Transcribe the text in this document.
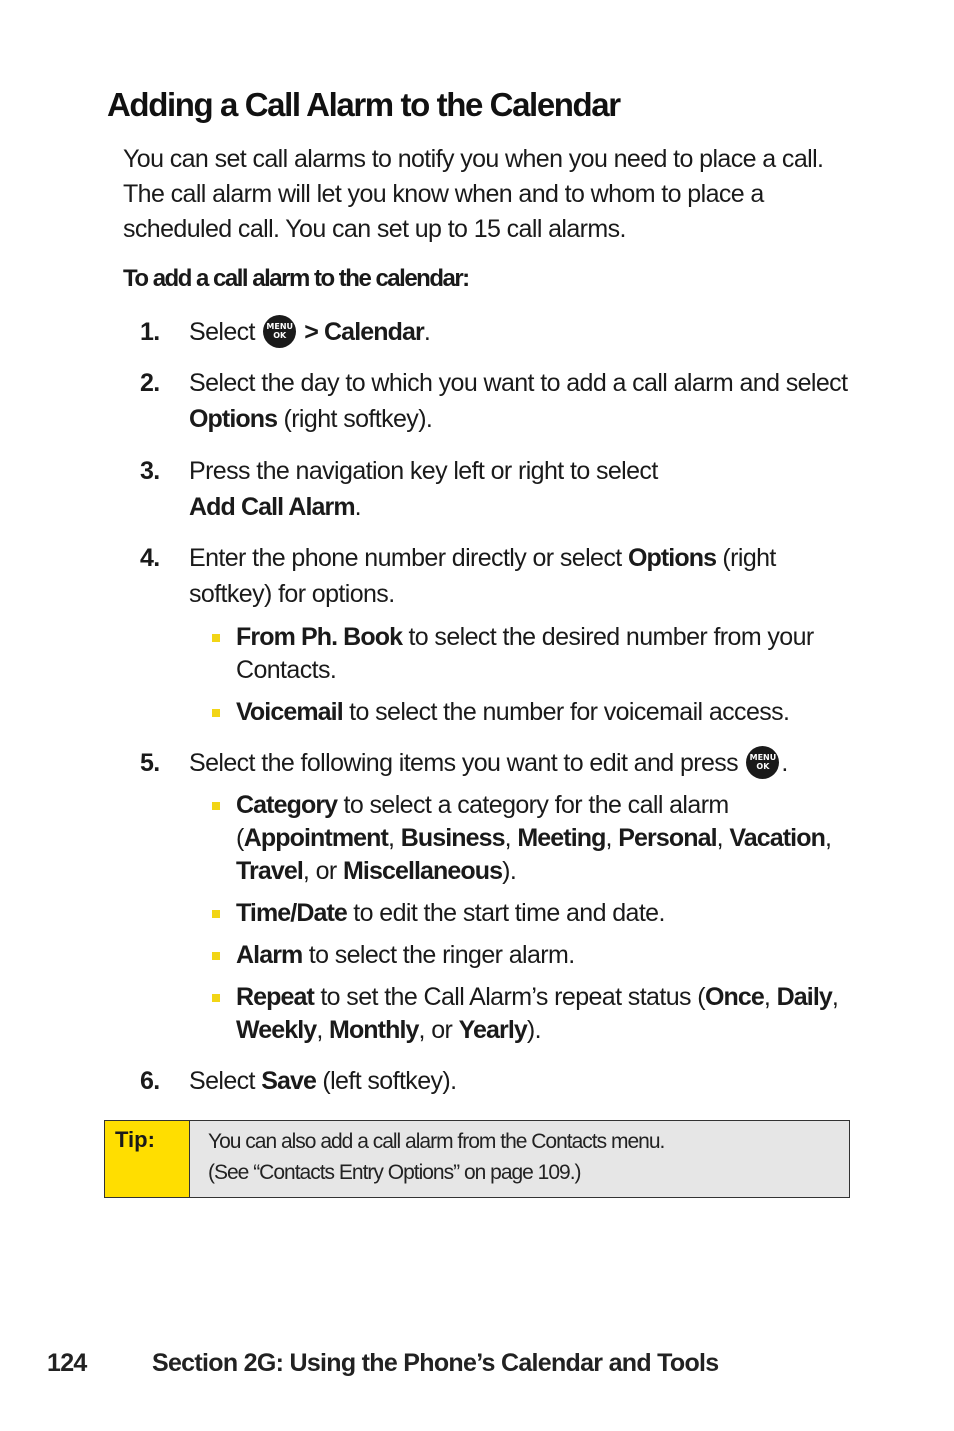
Adding a Call Alarm to the Calendar

You can set call alarms to notify you when you need to place a call. The call alarm will let you know when and to whom to place a scheduled call. You can set up to 15 call alarms.

To add a call alarm to the calendar:

1. Select MENU
OK > Calendar.
2. Select the day to which you want to add a call alarm and select Options (right softkey).
3. Press the navigation key left or right to select
Add Call Alarm.
4. Enter the phone number directly or select Options (right softkey) for options.
From Ph. Book to select the desired number from your Contacts.
Voicemail to select the number for voicemail access.
5. Select the following items you want to edit and press MENU
OK .
Category to select a category for the call alarm (Appointment, Business, Meeting, Personal, Vacation, Travel, or Miscellaneous).
Time/Date to edit the start time and date.
Alarm to select the ringer alarm.
Repeat to set the Call Alarm’s repeat status (Once, Daily, Weekly, Monthly, or Yearly).
6. Select Save (left softkey).
Tip:	You can also add a call alarm from the Contacts menu.
(See “Contacts Entry Options” on page 109.)
124	Section 2G: Using the Phone’s Calendar and Tools
